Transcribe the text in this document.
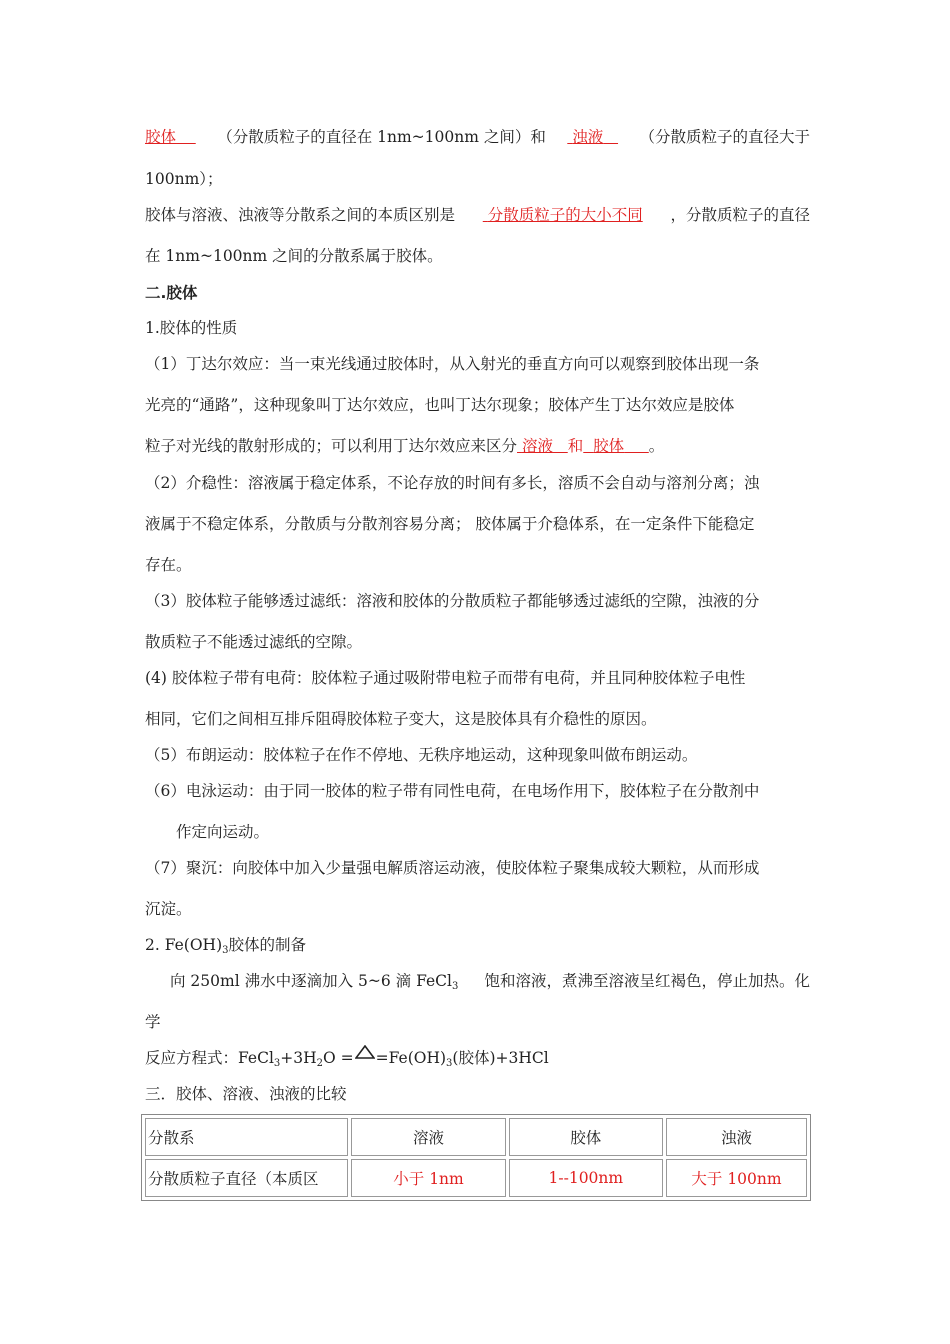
胶体	（分散质粒子的直径在 1nm~100nm 之间）和	浊液	（分散质粒子的直径大于
100nm）；
胶体与溶液、浊液等分散系之间的本质区别是	分散质粒子的大小不同 ，分散质粒子的直径
在 1nm~100nm 之间的分散系属于胶体。
二.胶体
1.胶体的性质
（1）丁达尔效应：当一束光线通过胶体时，从入射光的垂直方向可以观察到胶体出现一条
光亮的“通路”，这种现象叫丁达尔效应，也叫丁达尔现象；胶体产生丁达尔效应是胶体
粒子对光线的散射形成的；可以利用丁达尔效应来区分 溶液 和 胶体 。
（2）介稳性：溶液属于稳定体系，不论存放的时间有多长，溶质不会自动与溶剂分离；浊
液属于不稳定体系，分散质与分散剂容易分离； 胶体属于介稳体系，在一定条件下能稳定
存在。
（3）胶体粒子能够透过滤纸：溶液和胶体的分散质粒子都能够透过滤纸的空隙，浊液的分
散质粒子不能透过滤纸的空隙。
(4) 胶体粒子带有电荷：胶体粒子通过吸附带电粒子而带有电荷，并且同种胶体粒子电性
相同，它们之间相互排斥阻碍胶体粒子变大，这是胶体具有介稳性的原因。
（5）布朗运动：胶体粒子在作不停地、无秩序地运动，这种现象叫做布朗运动。
（6）电泳运动：由于同一胶体的粒子带有同性电荷，在电场作用下，胶体粒子在分散剂中
作定向运动。
（7）聚沉：向胶体中加入少量强电解质溶运动液，使胶体粒子聚集成较大颗粒，从而形成
沉淀。
2. $Fe(OH)_3$胶体的制备
向 250ml 沸水中逐滴加入 5~6 滴 FeCl$_3$ 饱和溶液，煮沸至溶液呈红褐色，停止加热。化
学
反应方程式：$FeCl_3+3H_2O = =Fe(OH)_3$(胶体)+3HCl
三．胶体、溶液、浊液的比较
分散系	溶液	胶体	浊液
分散质粒子直径（本质区	小于 1nm	1--100nm	大于 100nm
